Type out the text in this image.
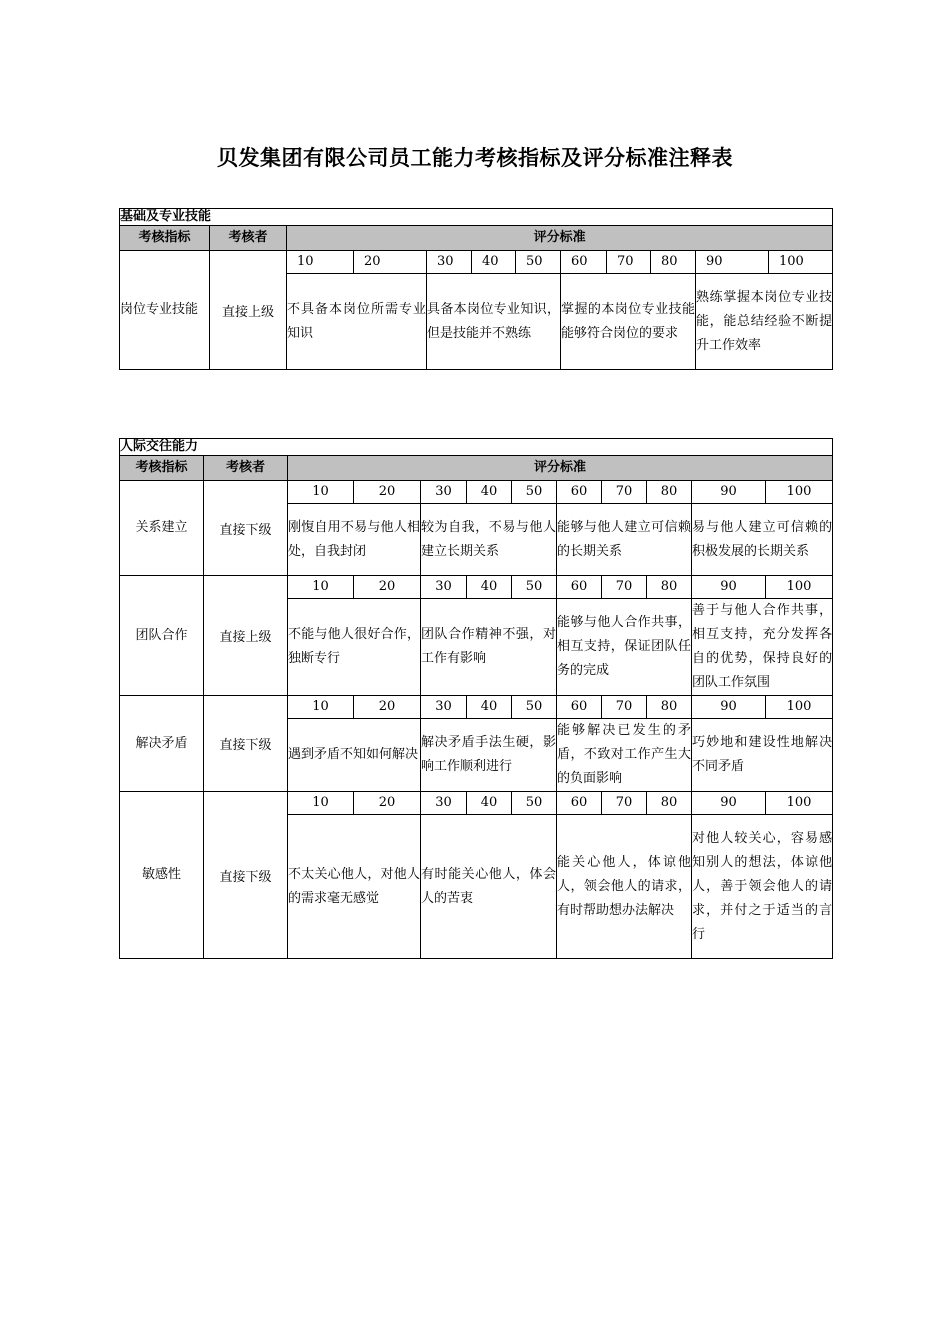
贝发集团有限公司员工能力考核指标及评分标准注释表
基础及专业技能											
考核指标	考核者	评分标准									
岗位专业技能	直接上级	10	20	30	40	50	60	70	80	90	100
		不具备本岗位所需专业知识		具备本岗位专业知识，但是技能并不熟练			掌握的本岗位专业技能能够符合岗位的要求			熟练掌握本岗位专业技能，能总结经验不断提升工作效率	
人际交往能力											
考核指标	考核者	评分标准									
关系建立	直接下级	10	20	30	40	50	60	70	80	90	100
		刚愎自用不易与他人相处，自我封闭		较为自我，不易与他人建立长期关系			能够与他人建立可信赖的长期关系			易与他人建立可信赖的积极发展的长期关系	
团队合作	直接上级	10	20	30	40	50	60	70	80	90	100
		不能与他人很好合作，独断专行		团队合作精神不强，对工作有影响			能够与他人合作共事，相互支持，保证团队任务的完成			善于与他人合作共事，相互支持，充分发挥各自的优势，保持良好的团队工作氛围	
解决矛盾	直接下级	10	20	30	40	50	60	70	80	90	100
		遇到矛盾不知如何解决		解决矛盾手法生硬，影响工作顺利进行			能够解决已发生的矛盾，不致对工作产生大的负面影响			巧妙地和建设性地解决不同矛盾	
敏感性	直接下级	10	20	30	40	50	60	70	80	90	100
		不太关心他人，对他人的需求毫无感觉		有时能关心他人，体会人的苦衷			能关心他人，体谅他人，领会他人的请求，有时帮助想办法解决			对他人较关心，容易感知别人的想法，体谅他人，善于领会他人的请求，并付之于适当的言行	
